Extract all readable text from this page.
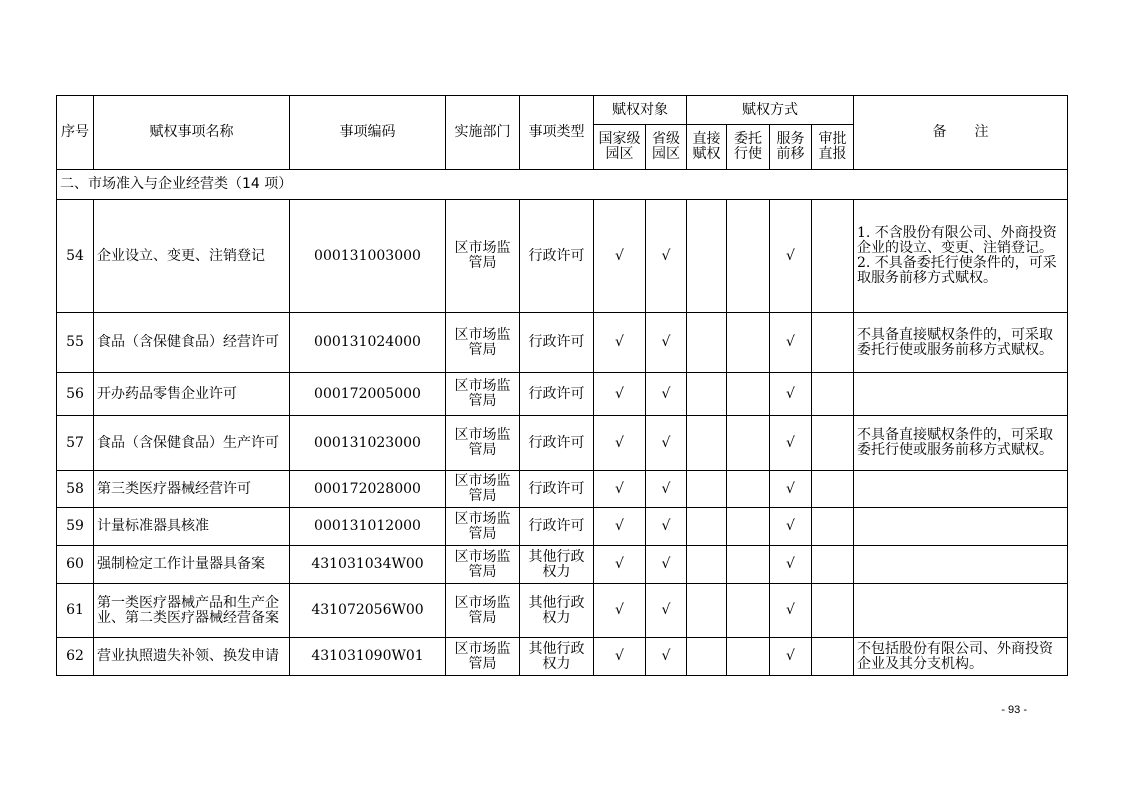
序号	赋权事项名称	事项编码	实施部门	事项类型	赋权对象		赋权方式				备　　注
					国家级园区	省级园区	直接赋权	委托行使	服务前移	审批直报	
二、市场准入与企业经营类（14 项）											
54	企业设立、变更、注销登记	000131003000	区市场监管局	行政许可	√	√			√		1. 不含股份有限公司、外商投资企业的设立、变更、注销登记。
2. 不具备委托行使条件的，可采取服务前移方式赋权。
55	食品（含保健食品）经营许可	000131024000	区市场监管局	行政许可	√	√			√		不具备直接赋权条件的，可采取委托行使或服务前移方式赋权。
56	开办药品零售企业许可	000172005000	区市场监管局	行政许可	√	√			√		
57	食品（含保健食品）生产许可	000131023000	区市场监管局	行政许可	√	√			√		不具备直接赋权条件的，可采取委托行使或服务前移方式赋权。
58	第三类医疗器械经营许可	000172028000	区市场监管局	行政许可	√	√			√		
59	计量标准器具核准	000131012000	区市场监管局	行政许可	√	√			√		
60	强制检定工作计量器具备案	431031034W00	区市场监管局	其他行政权力	√	√			√		
61	第一类医疗器械产品和生产企业、第二类医疗器械经营备案	431072056W00	区市场监管局	其他行政权力	√	√			√		
62	营业执照遗失补领、换发申请	431031090W01	区市场监管局	其他行政权力	√	√			√		不包括股份有限公司、外商投资企业及其分支机构。
- 93 -
